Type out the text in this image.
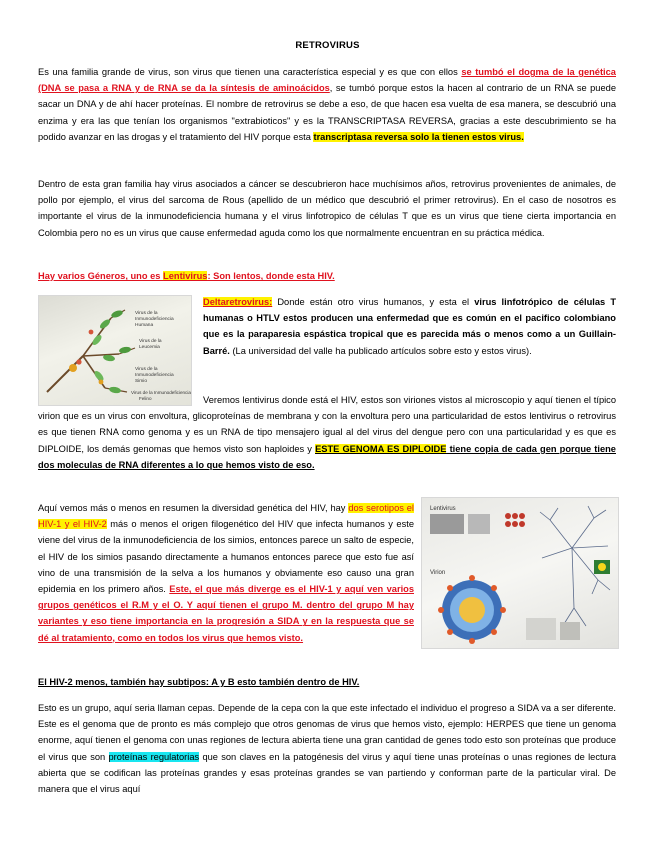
RETROVIRUS

Es una familia grande de virus, son virus que tienen una característica especial y es que con ellos se tumbó el dogma de la genética (DNA se pasa a RNA y de RNA se da la síntesis de aminoácidos, se tumbó porque estos la hacen al contrario de un RNA se puede sacar un DNA y de ahí hacer proteínas. El nombre de retrovirus se debe a eso, de que hacen esa vuelta de esa manera, se descubrió una enzima y era las que tenían los organismos "extrabioticos" y es la TRANSCRIPTASA REVERSA, gracias a este descubrimiento se ha podido avanzar en las drogas y el tratamiento del HIV porque esta transcriptasa reversa solo la tienen estos virus.

Dentro de esta gran familia hay virus asociados a cáncer se descubrieron hace muchísimos años, retrovirus provenientes de animales, de pollo por ejemplo, el virus del sarcoma de Rous (apellido de un médico que descubrió el primer retrovirus). En el caso de nosotros es importante el virus de la inmunodeficiencia humana y el virus linfotropico de células T que es un virus que tiene cierta importancia en Colombia pero no es un virus que cause enfermedad aguda como los que normalmente encuentran en su práctica médica.

Hay varios Géneros, uno es Lentivirus: Son lentos, donde esta HIV.

Virus de la
Inmunodeficiencia
Humana
Virus de la
Leucemia
Virus de la
Inmunodeficiencia
Simio
Virus de la Inmunodeficiencia
Felino

Deltaretrovirus: Donde están otro virus humanos, y esta el virus linfotrópico de células T humanas o HTLV estos producen una enfermedad que es común en el pacifico colombiano que es la paraparesia espástica tropical que es parecida más o menos como a un Guillain-Barré. (La universidad del valle ha publicado artículos sobre esto y estos virus).

Veremos lentivirus donde está el HIV, estos son viriones vistos al microscopio y aquí tienen el típico virion que es un virus con envoltura, glicoproteínas de membrana y con la envoltura pero una particularidad de estos lentivirus o retrovirus es que tienen RNA como genoma y es un RNA de tipo mensajero igual al del virus del dengue pero con una particularidad y es que es DIPLOIDE, los demás genomas que hemos visto son haploides y ESTE GENOMA ES DIPLOIDE tiene copia de cada gen porque tiene dos moleculas de RNA diferentes a lo que hemos visto de eso.

Lentivirus
Virion

Aquí vemos más o menos en resumen la diversidad genética del HIV, hay dos serotipos el HIV-1 y el HIV-2 más o menos el origen filogenético del HIV que infecta humanos y este viene del virus de la inmunodeficiencia de los simios, entonces parece un salto de especie, el HIV de los simios pasando directamente a humanos entonces parece que esto fue así vino de una transmisión de la selva a los humanos y obviamente eso causo una gran epidemia en los primero años. Este, el que más diverge es el HIV-1 y aquí ven varios grupos genéticos el R.M y el O. Y aquí tienen el grupo M. dentro del grupo M hay variantes y eso tiene importancia en la progresión a SIDA y en la respuesta que se dé al tratamiento, como en todos los virus que hemos visto.

El HIV-2 menos, también hay subtipos: A y B esto también dentro de HIV.

Esto es un grupo, aquí seria llaman cepas. Depende de la cepa con la que este infectado el individuo el progreso a SIDA va a ser diferente. Este es el genoma que de pronto es más complejo que otros genomas de virus que hemos visto, ejemplo: HERPES que tiene un genoma enorme, aquí tienen el genoma con unas regiones de lectura abierta tiene una gran cantidad de genes todo esto son proteínas que produce el virus que son proteínas regulatorias que son claves en la patogénesis del virus y aquí tiene unas proteínas o unas regiones de lectura abierta que se codifican las proteínas grandes y esas proteínas grandes se van partiendo y conforman parte de la particular viral. De manera que el virus aquí
